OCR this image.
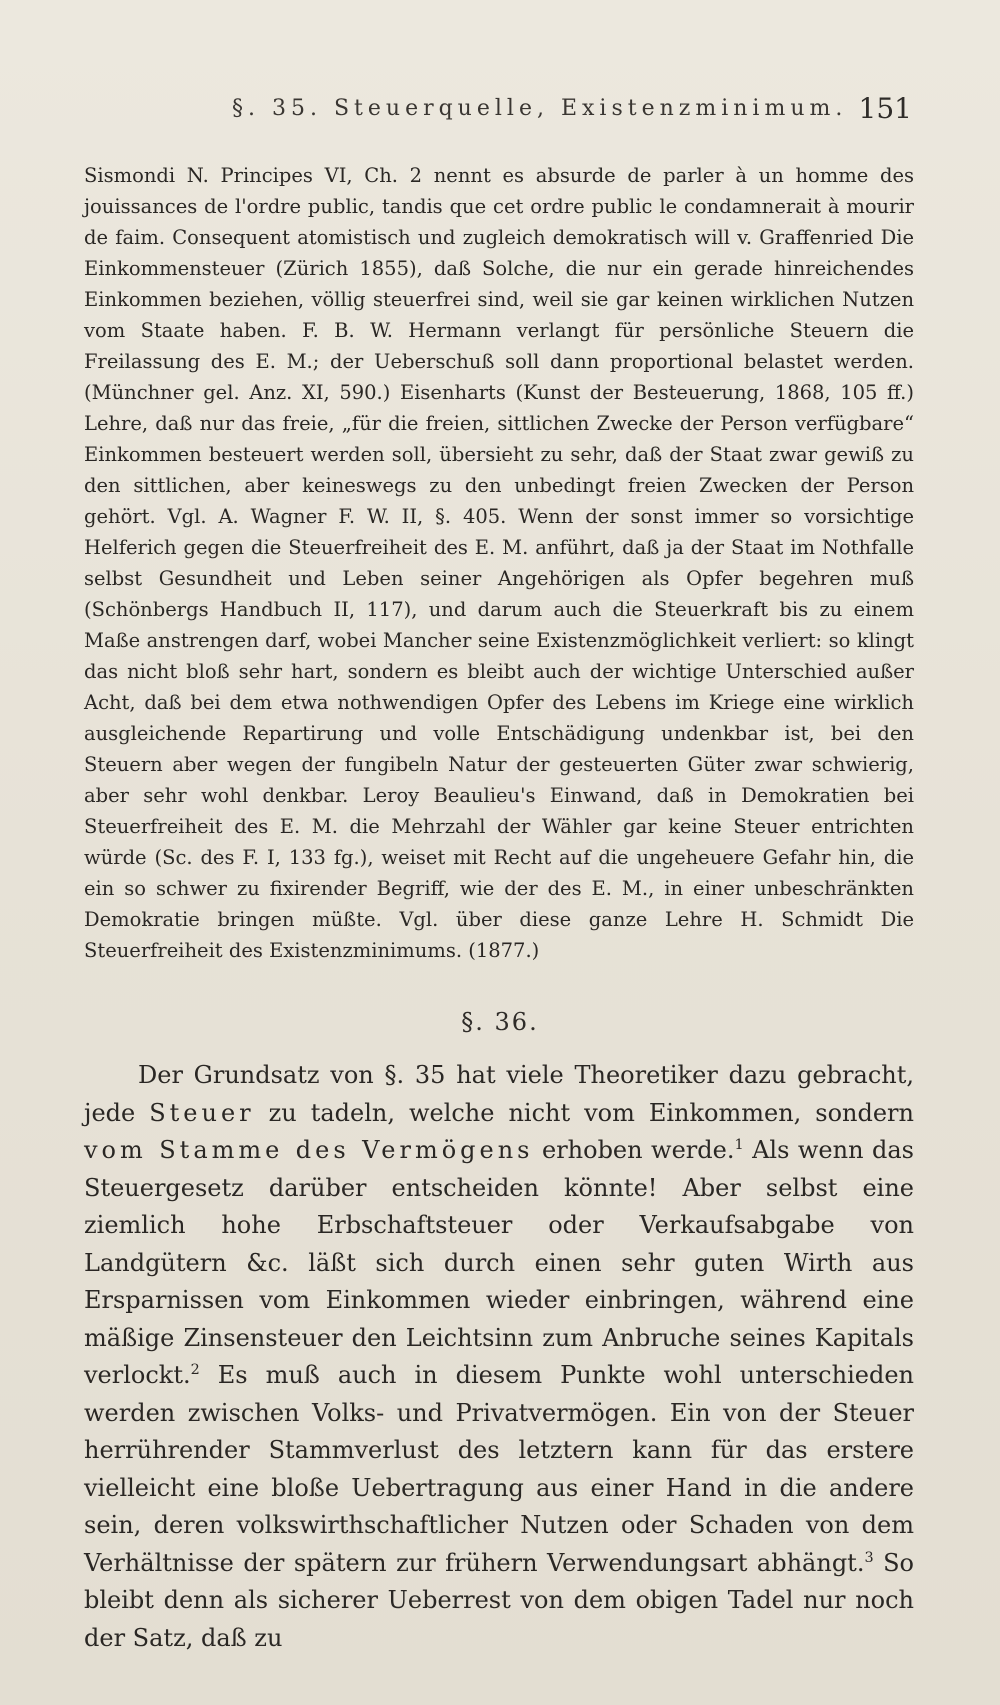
§. 35. Steuerquelle, Existenzminimum. 151

Sismondi N. Principes VI, Ch. 2 nennt es absurde de parler à un homme des jouissances de l'ordre public, tandis que cet ordre public le condamnerait à mourir de faim. Consequent atomistisch und zugleich demokratisch will v. Graffenried Die Einkommensteuer (Zürich 1855), daß Solche, die nur ein gerade hinreichendes Einkommen beziehen, völlig steuerfrei sind, weil sie gar keinen wirklichen Nutzen vom Staate haben. F. B. W. Hermann verlangt für persönliche Steuern die Freilassung des E. M.; der Ueberschuß soll dann proportional belastet werden. (Münchner gel. Anz. XI, 590.) Eisenharts (Kunst der Besteuerung, 1868, 105 ff.) Lehre, daß nur das freie, „für die freien, sittlichen Zwecke der Person verfügbare“ Einkommen besteuert werden soll, übersieht zu sehr, daß der Staat zwar gewiß zu den sittlichen, aber keineswegs zu den unbedingt freien Zwecken der Person gehört. Vgl. A. Wagner F. W. II, §. 405. Wenn der sonst immer so vorsichtige Helferich gegen die Steuerfreiheit des E. M. anführt, daß ja der Staat im Nothfalle selbst Gesundheit und Leben seiner Angehörigen als Opfer begehren muß (Schönbergs Handbuch II, 117), und darum auch die Steuerkraft bis zu einem Maße anstrengen darf, wobei Mancher seine Existenzmöglichkeit verliert: so klingt das nicht bloß sehr hart, sondern es bleibt auch der wichtige Unterschied außer Acht, daß bei dem etwa nothwendigen Opfer des Lebens im Kriege eine wirklich ausgleichende Repartirung und volle Entschädigung undenkbar ist, bei den Steuern aber wegen der fungibeln Natur der gesteuerten Güter zwar schwierig, aber sehr wohl denkbar. Leroy Beaulieu's Einwand, daß in Demokratien bei Steuerfreiheit des E. M. die Mehrzahl der Wähler gar keine Steuer entrichten würde (Sc. des F. I, 133 fg.), weiset mit Recht auf die ungeheuere Gefahr hin, die ein so schwer zu fixirender Begriff, wie der des E. M., in einer unbeschränkten Demokratie bringen müßte. Vgl. über diese ganze Lehre H. Schmidt Die Steuerfreiheit des Existenzminimums. (1877.)

§. 36.

Der Grundsatz von §. 35 hat viele Theoretiker dazu gebracht, jede Steuer zu tadeln, welche nicht vom Einkommen, sondern vom Stamme des Vermögens erhoben werde.$^1$ Als wenn das Steuergesetz darüber entscheiden könnte! Aber selbst eine ziemlich hohe Erbschaftsteuer oder Verkaufsabgabe von Landgütern &c. läßt sich durch einen sehr guten Wirth aus Ersparnissen vom Einkommen wieder einbringen, während eine mäßige Zinsensteuer den Leichtsinn zum Anbruche seines Kapitals verlockt.$^2$ Es muß auch in diesem Punkte wohl unterschieden werden zwischen Volks- und Privatvermögen. Ein von der Steuer herrührender Stammverlust des letztern kann für das erstere vielleicht eine bloße Uebertragung aus einer Hand in die andere sein, deren volkswirthschaftlicher Nutzen oder Schaden von dem Verhältnisse der spätern zur frühern Verwendungsart abhängt.$^3$ So bleibt denn als sicherer Ueberrest von dem obigen Tadel nur noch der Satz, daß zu
